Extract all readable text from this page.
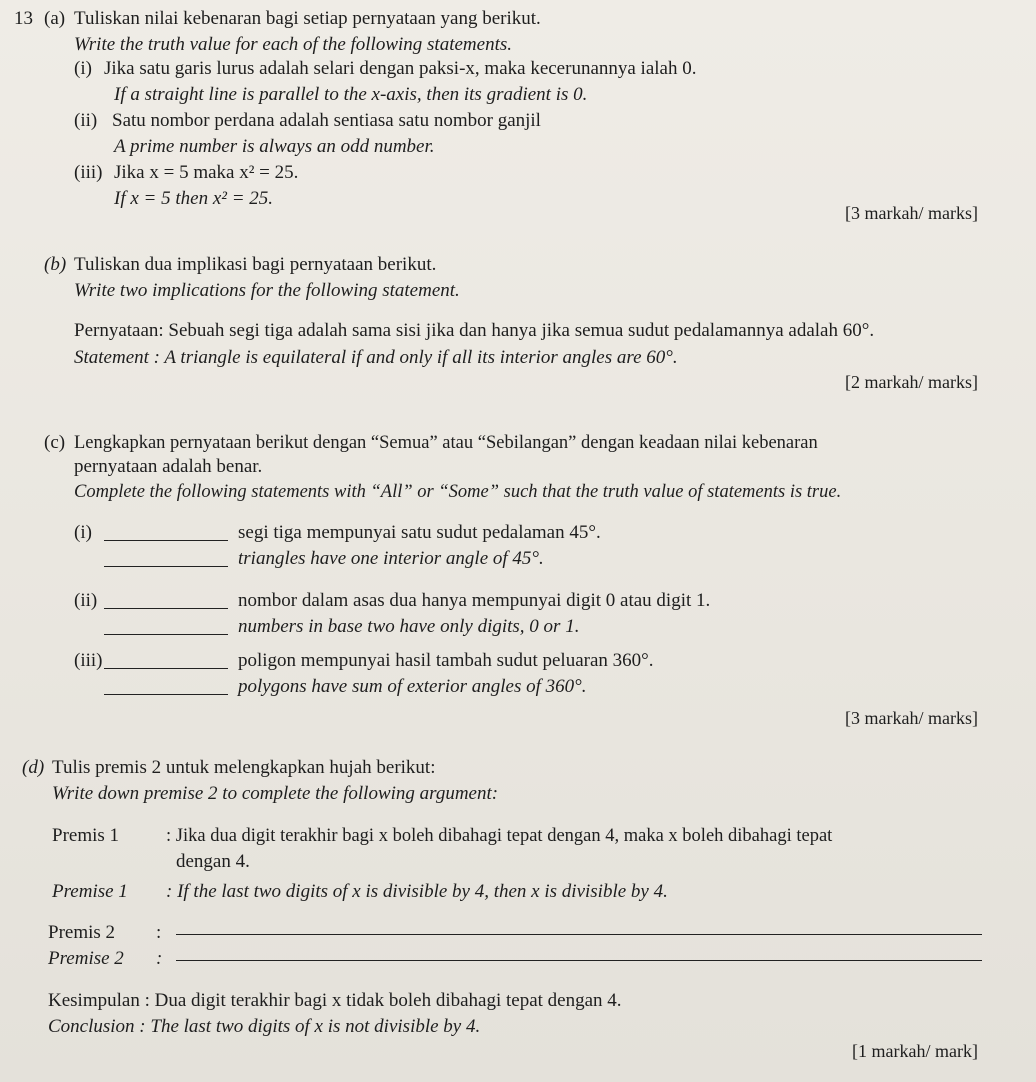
13 (a) Tuliskan nilai kebenaran bagi setiap pernyataan yang berikut.
Write the truth value for each of the following statements.
(i) Jika satu garis lurus adalah selari dengan paksi-x, maka kecerunannya ialah 0.
If a straight line is parallel to the x-axis, then its gradient is 0.
(ii) Satu nombor perdana adalah sentiasa satu nombor ganjil
A prime number is always an odd number.
(iii) Jika x = 5 maka x² = 25.
If x = 5 then x² = 25.
[3 markah/ marks]
(b) Tuliskan dua implikasi bagi pernyataan berikut.
Write two implications for the following statement.
Pernyataan: Sebuah segi tiga adalah sama sisi jika dan hanya jika semua sudut pedalamannya adalah 60°.
Statement : A triangle is equilateral if and only if all its interior angles are 60°.
[2 markah/ marks]
(c) Lengkapkan pernyataan berikut dengan “Semua” atau “Sebilangan” dengan keadaan nilai kebenaran
pernyataan adalah benar.
Complete the following statements with “All” or “Some” such that the truth value of statements is true.
(i)	segi tiga mempunyai satu sudut pedalaman 45°.
triangles have one interior angle of 45°.
(ii)	nombor dalam asas dua hanya mempunyai digit 0 atau digit 1.
numbers in base two have only digits, 0 or 1.
(iii)	poligon mempunyai hasil tambah sudut peluaran 360°.
polygons have sum of exterior angles of 360°.
[3 markah/ marks]
(d) Tulis premis 2 untuk melengkapkan hujah berikut:
Write down premise 2 to complete the following argument:
Premis 1	: Jika dua digit terakhir bagi x boleh dibahagi tepat dengan 4, maka x boleh dibahagi tepat
dengan 4.
Premise 1 : If the last two digits of x is divisible by 4, then x is divisible by 4.
Premis 2 :
Premise 2 :
Kesimpulan : Dua digit terakhir bagi x tidak boleh dibahagi tepat dengan 4.
Conclusion : The last two digits of x is not divisible by 4.
[1 markah/ mark]
